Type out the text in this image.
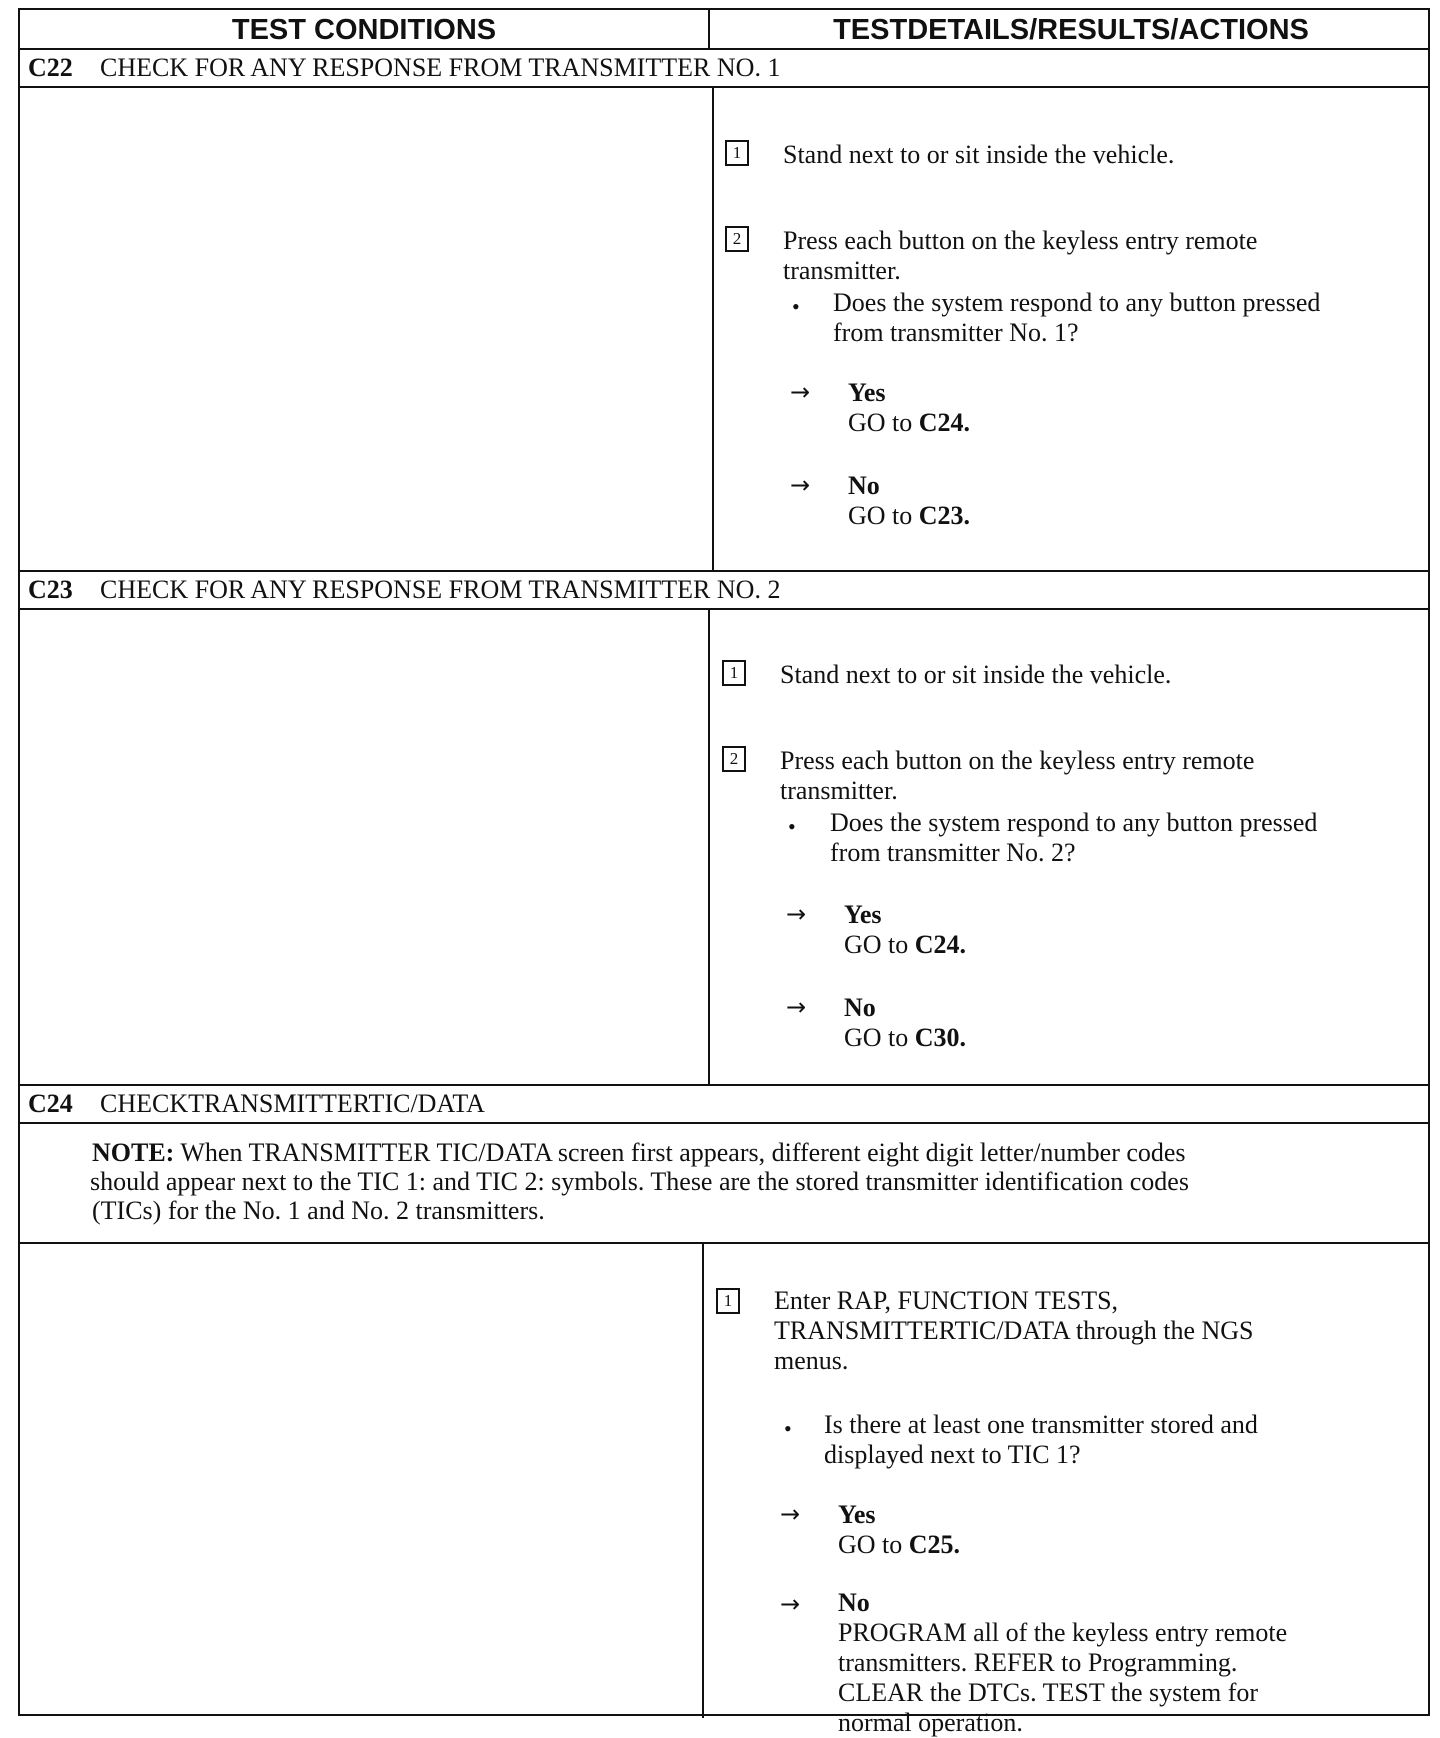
TEST CONDITIONS	TESTDETAILS/RESULTS/ACTIONS
C22 CHECK FOR ANY RESPONSE FROM TRANSMITTER NO. 1
1 Stand next to or sit inside the vehicle.
2 Press each button on the keyless entry remote
transmitter.
• Does the system respond to any button pressed
from transmitter No. 1?
→ Yes
GO to C24.
→ No
GO to C23.
C23 CHECK FOR ANY RESPONSE FROM TRANSMITTER NO. 2
1 Stand next to or sit inside the vehicle.
2 Press each button on the keyless entry remote
transmitter.
• Does the system respond to any button pressed
from transmitter No. 2?
→ Yes
GO to C24.
→ No
GO to C30.
C24 CHECKTRANSMITTERTIC/DATA
NOTE: When TRANSMITTER TIC/DATA screen first appears, different eight digit letter/number codes
should appear next to the TIC 1: and TIC 2: symbols. These are the stored transmitter identification codes
(TICs) for the No. 1 and No. 2 transmitters.
1 Enter RAP, FUNCTION TESTS,
TRANSMITTERTIC/DATA through the NGS
menus.
• Is there at least one transmitter stored and
displayed next to TIC 1?
→ Yes
GO to C25.
→ No
PROGRAM all of the keyless entry remote
transmitters. REFER to Programming.
CLEAR the DTCs. TEST the system for
normal operation.
